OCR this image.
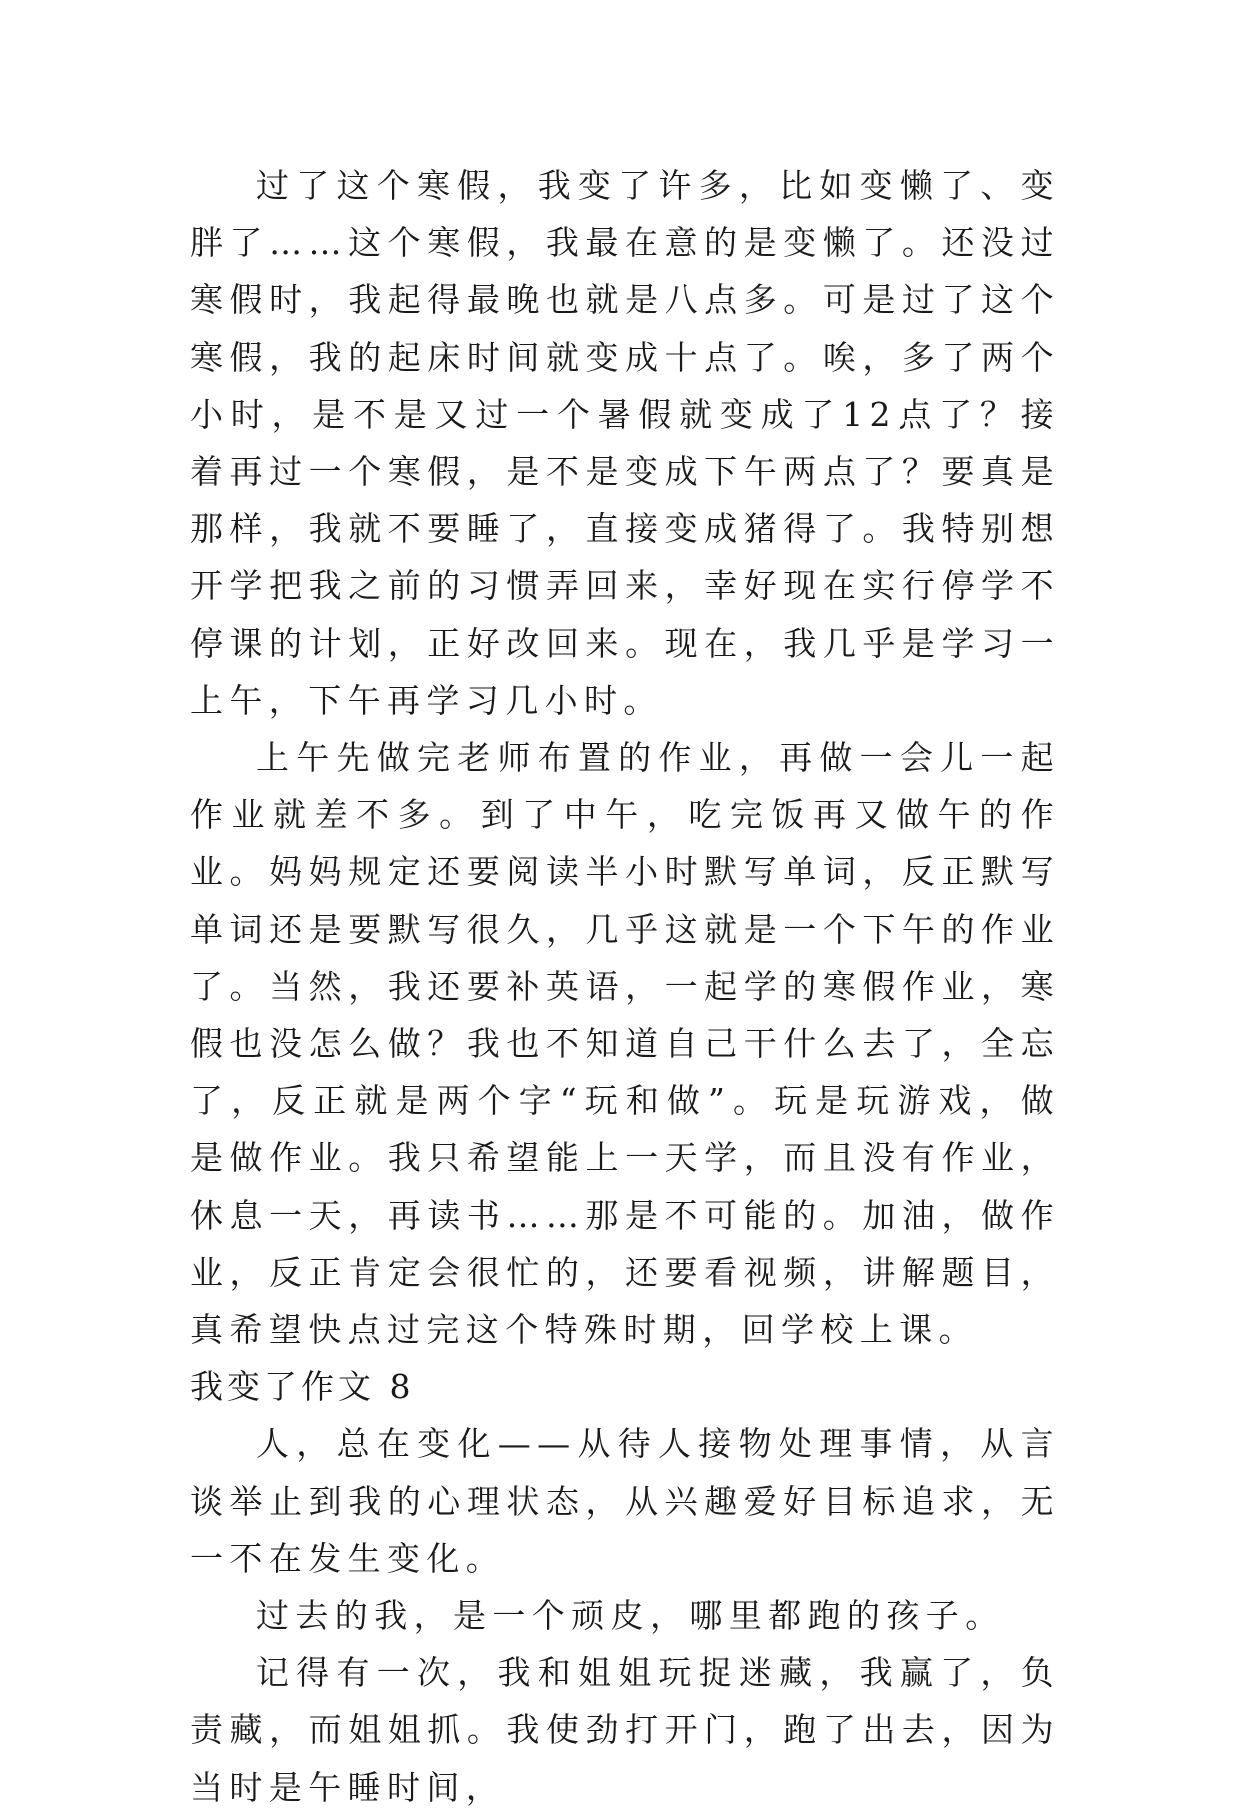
过了这个寒假，我变了许多，比如变懒了、变胖了……这个寒假，我最在意的是变懒了。还没过寒假时，我起得最晚也就是八点多。可是过了这个寒假，我的起床时间就变成十点了。唉，多了两个小时，是不是又过一个暑假就变成了12点了？接着再过一个寒假，是不是变成下午两点了？要真是那样，我就不要睡了，直接变成猪得了。我特别想开学把我之前的习惯弄回来，幸好现在实行停学不停课的计划，正好改回来。现在，我几乎是学习一上午，下午再学习几小时。

上午先做完老师布置的作业，再做一会儿一起作业就差不多。到了中午，吃完饭再又做午的作业。妈妈规定还要阅读半小时默写单词，反正默写单词还是要默写很久，几乎这就是一个下午的作业了。当然，我还要补英语，一起学的寒假作业，寒假也没怎么做？我也不知道自己干什么去了，全忘了，反正就是两个字“玩和做”。玩是玩游戏，做是做作业。我只希望能上一天学，而且没有作业，休息一天，再读书……那是不可能的。加油，做作业，反正肯定会很忙的，还要看视频，讲解题目，真希望快点过完这个特殊时期，回学校上课。

我变了作文 8

人，总在变化——从待人接物处理事情，从言谈举止到我的心理状态，从兴趣爱好目标追求，无一不在发生变化。

过去的我，是一个顽皮，哪里都跑的孩子。

记得有一次，我和姐姐玩捉迷藏，我赢了，负责藏，而姐姐抓。我使劲打开门，跑了出去，因为当时是午睡时间，
